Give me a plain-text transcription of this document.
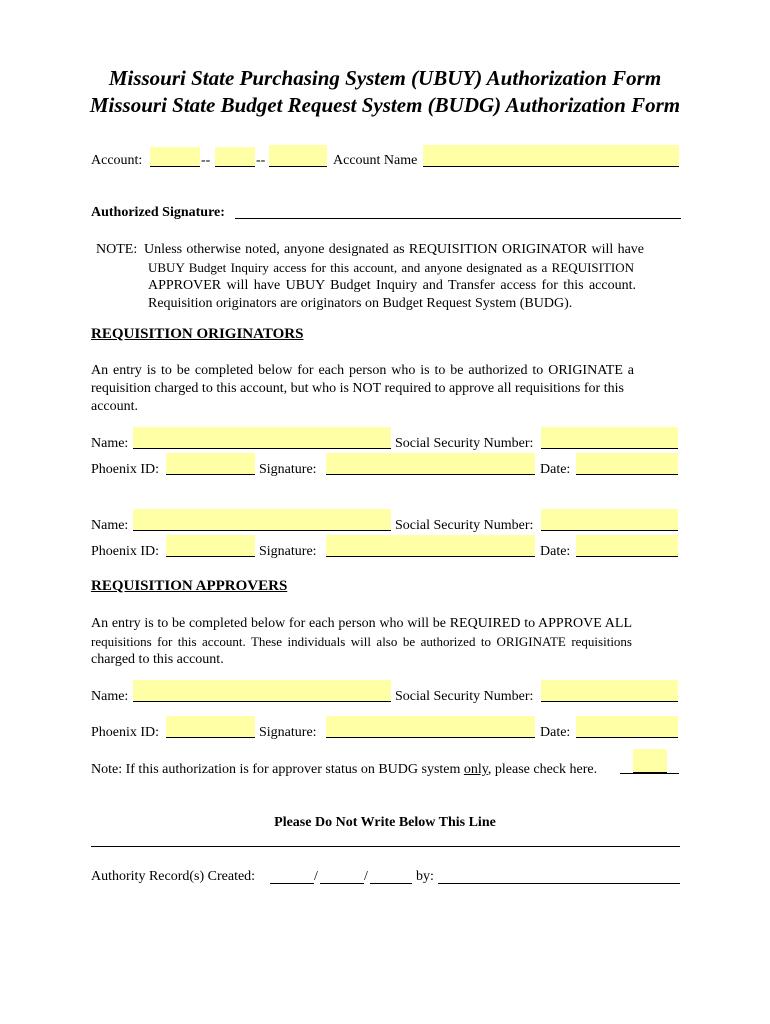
Missouri State Purchasing System (UBUY) Authorization Form
Missouri State Budget Request System (BUDG) Authorization Form
Account:	--	--	Account Name
Authorized Signature:
NOTE: Unless otherwise noted, anyone designated as REQUISITION ORIGINATOR will have
UBUY Budget Inquiry access for this account, and anyone designated as a REQUISITION
APPROVER will have UBUY Budget Inquiry and Transfer access for this account.
Requisition originators are originators on Budget Request System (BUDG).
REQUISITION ORIGINATORS
An entry is to be completed below for each person who is to be authorized to ORIGINATE a
requisition charged to this account, but who is NOT required to approve all requisitions for this
account.
Name:	Social Security Number:
Phoenix ID:	Signature:	Date:
Name:	Social Security Number:
Phoenix ID:	Signature:	Date:
REQUISITION APPROVERS
An entry is to be completed below for each person who will be REQUIRED to APPROVE ALL
requisitions for this account. These individuals will also be authorized to ORIGINATE requisitions
charged to this account.
Name:	Social Security Number:
Phoenix ID:	Signature:	Date:
Note: If this authorization is for approver status on BUDG system only, please check here.
Please Do Not Write Below This Line
Authority Record(s) Created:	/	/	by:
